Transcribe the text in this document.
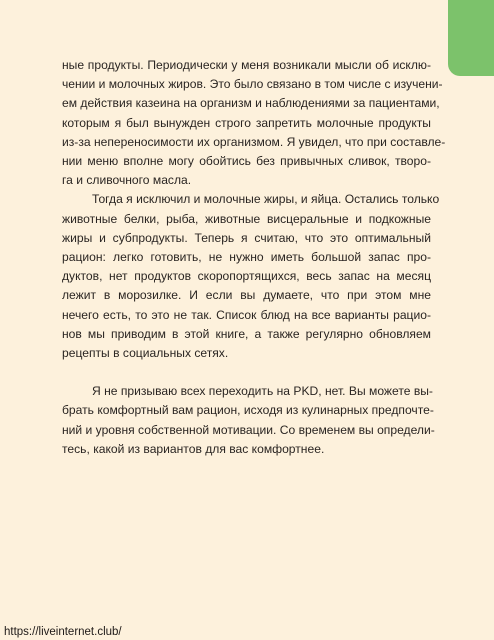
ные продукты. Периодически у меня возникали мысли об исклю-
чении и молочных жиров. Это было связано в том числе с изучени-
ем действия казеина на организм и наблюдениями за пациентами,
которым я был вынужден строго запретить молочные продукты
из-за непереносимости их организмом. Я увидел, что при составле-
нии меню вполне могу обойтись без привычных сливок, творо-
га и сливочного масла.

Тогда я исключил и молочные жиры, и яйца. Остались только
животные белки, рыба, животные висцеральные и подкожные
жиры и субпродукты. Теперь я считаю, что это оптимальный
рацион: легко готовить, не нужно иметь большой запас про-
дуктов, нет продуктов скоропортящихся, весь запас на месяц
лежит в морозилке. И если вы думаете, что при этом мне
нечего есть, то это не так. Список блюд на все варианты рацио-
нов мы приводим в этой книге, а также регулярно обновляем
рецепты в социальных сетях.

Я не призываю всех переходить на PKD, нет. Вы можете вы-
брать комфортный вам рацион, исходя из кулинарных предпочте-
ний и уровня собственной мотивации. Со временем вы определи-
тесь, какой из вариантов для вас комфортнее.

https://liveinternet.club/
